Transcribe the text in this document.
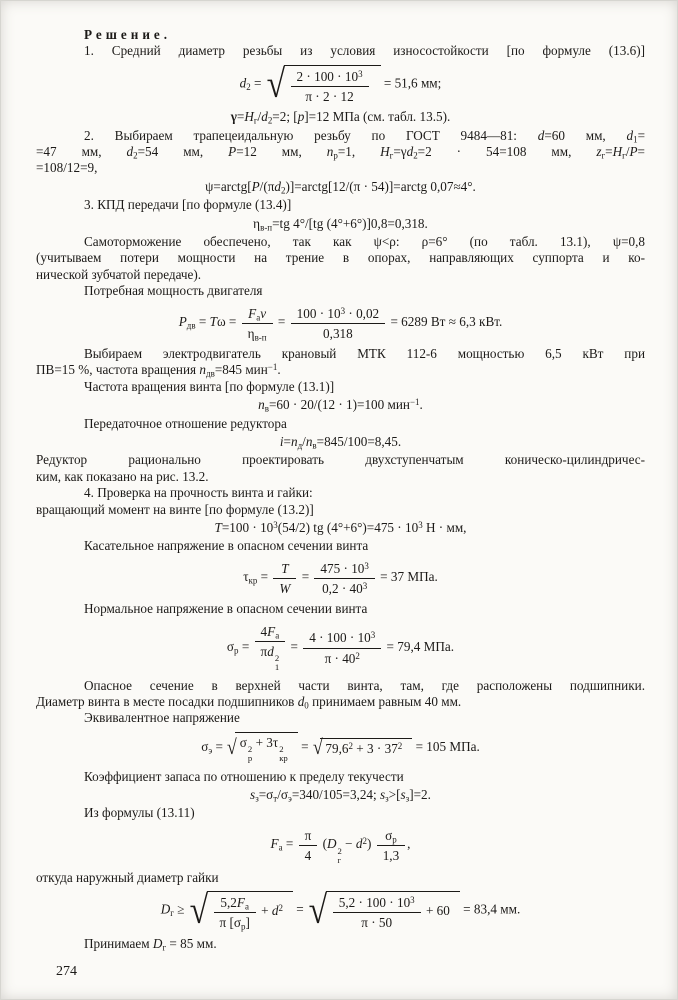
Решение.
1. Средний диаметр резьбы из условия износостойкости [по формуле (13.6)]
$d_2$ = √ $\frac{2 \cdot 100 \cdot 10^3}{\pi \cdot 2 \cdot 12} = 51,6$ мм;
$\gamma=H_г/d_2=2$; [p]=12 МПа (см. табл. 13.5).
2. Выбираем трапецеидальную резьбу по ГОСТ 9484—81: d=60 мм, $d_1=$
=47 мм, $d_2=54$ мм, P=12 мм, $n_р=1$, $H_г=\gamma d_2=2 \cdot 54=108$ мм, $z_г=H_г/P=$
=108/12=9,
$\psi=arctg[P/(\pi d_2)]=arctg[12/(\pi$ · 54)]=arctg 0,07≈4°.
3. КПД передачи [по формуле (13.4)]
$\eta_{в-п}=tg$ 4°/[tg (4°+6°)]0,8=0,318.
Самоторможение обеспечено, так как ψ<ρ: ρ=6° (по табл. 13.1), ψ=0,8
(учитываем потери мощности на трение в опорах, направляющих суппорта и ко-
нической зубчатой передаче).
Потребная мощность двигателя
$P_{дв} = T\omega = \frac{F_av}{\eta_{в-п}} = \frac{100 \cdot 10^3 \cdot 0,02}{0,318} = 6289$ Вт ≈ 6,3 кВт.
Выбираем электродвигатель крановый МТК 112-6 мощностью 6,5 кВт при
ПВ=15 %, частота вращения $n_{дв}=845$ мин$^{-1}$.
Частота вращения винта [по формуле (13.1)]
$n_в=60 \cdot 20/(12 \cdot 1)=100$ мин$^{-1}$.
Передаточное отношение редуктора
$i=n_д/n_в=845/100=8,45$.
Редуктор рационально проектировать двухступенчатым коническо-цилиндричес-
ким, как показано на рис. 13.2.
4. Проверка на прочность винта и гайки:
вращающий момент на винте [по формуле (13.2)]
$T=100 \cdot 10^3(54/2)$ tg $(4^\circ+6^\circ)=475 \cdot 10^3$ Н · мм,
Касательное напряжение в опасном сечении винта
$\tau_{кр} = \frac{T}{W} = \frac{475 \cdot 10^3}{0,2 \cdot 40^3} = 37$ МПа.
Нормальное напряжение в опасном сечении винта
$\sigma_р = 4F_a$
πd 2
$1 = \frac{4 \cdot 100 \cdot 10^3}{\pi \cdot 40^2} = 79,4$ МПа.
Опасное сечение в верхней части винта, там, где расположены подшипники.
Диаметр винта в месте посадки подшипников $d_0$ принимаем равным 40 мм.
Эквивалентное напряжение
$\sigma_э$ = √ σ 2
р
+ 3τ 2
кр
= √ $79,6^2 + 3 \cdot 37^2 = 105$ МПа.
Коэффициент запаса по отношению к пределу текучести
$s_з=\sigma_т/\sigma_э=340/105=3,24$; $s_з>[s_з]=2$.
Из формулы (13.11)
$F_a = \frac{\pi}{4} (D$ 2
г
− $d^2) \frac{\sigma_р}{1,3}$ ,
откуда наружный диаметр гайки
$D_г$ ≥ √ $\frac{5,2F_a}{\pi [\sigma_р]} + d^2$ = √ $\frac{5,2 \cdot 100 \cdot 10^3}{\pi \cdot 50} + 60 = 83,4$ мм.
Принимаем $D_г = 85$ мм.
274
